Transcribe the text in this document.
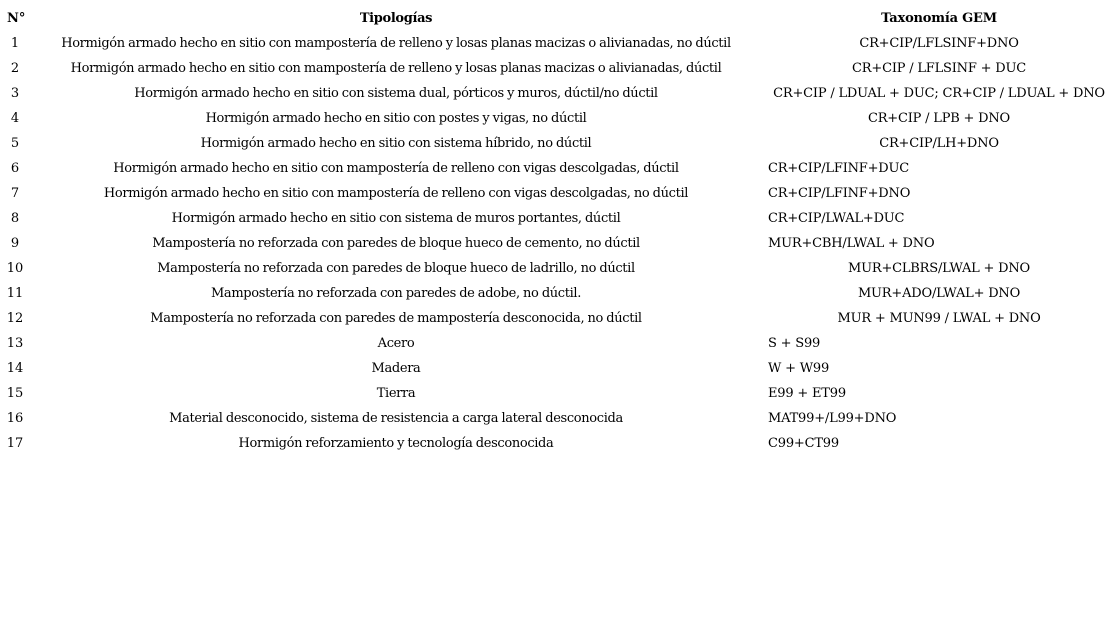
N°	Tipologías	Taxonomía GEM
1	Hormigón armado hecho en sitio con mampostería de relleno y losas planas macizas o alivianadas, no dúctil	CR+CIP/LFLSINF+DNO
2	Hormigón armado hecho en sitio con mampostería de relleno y losas planas macizas o alivianadas, dúctil	CR+CIP / LFLSINF + DUC
3	Hormigón armado hecho en sitio con sistema dual, pórticos y muros, dúctil/no dúctil	CR+CIP / LDUAL + DUC; CR+CIP / LDUAL + DNO
4	Hormigón armado hecho en sitio con postes y vigas, no dúctil	CR+CIP / LPB + DNO
5	Hormigón armado hecho en sitio con sistema híbrido, no dúctil	CR+CIP/LH+DNO
6	Hormigón armado hecho en sitio con mampostería de relleno con vigas descolgadas, dúctil	CR+CIP/LFINF+DUC
7	Hormigón armado hecho en sitio con mampostería de relleno con vigas descolgadas, no dúctil	CR+CIP/LFINF+DNO
8	Hormigón armado hecho en sitio con sistema de muros portantes, dúctil	CR+CIP/LWAL+DUC
9	Mampostería no reforzada con paredes de bloque hueco de cemento, no dúctil	MUR+CBH/LWAL + DNO
10	Mampostería no reforzada con paredes de bloque hueco de ladrillo, no dúctil	MUR+CLBRS/LWAL + DNO
11	Mampostería no reforzada con paredes de adobe, no dúctil.	MUR+ADO/LWAL+ DNO
12	Mampostería no reforzada con paredes de mampostería desconocida, no dúctil	MUR + MUN99 / LWAL + DNO
13	Acero	S + S99
14	Madera	W + W99
15	Tierra	E99 + ET99
16	Material desconocido, sistema de resistencia a carga lateral desconocida	MAT99+/L99+DNO
17	Hormigón reforzamiento y tecnología desconocida	C99+CT99
